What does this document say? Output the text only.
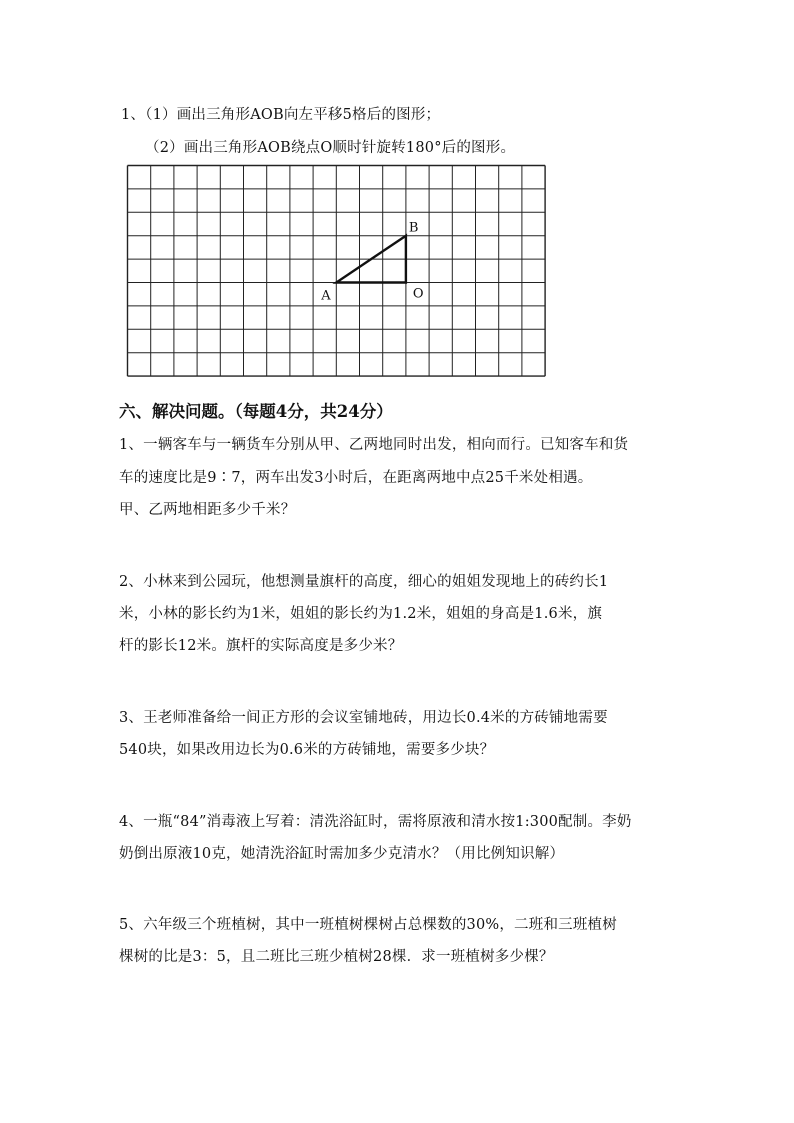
1、（1）画出三角形AOB向左平移5格后的图形；
（2）画出三角形AOB绕点O顺时针旋转180°后的图形。
A
B
O
六、解决问题。（每题4分，共24分）
1、一辆客车与一辆货车分别从甲、乙两地同时出发，相向而行。已知客车和货
车的速度比是9∶7，两车出发3小时后，在距离两地中点25千米处相遇。
甲、乙两地相距多少千米？
2、小林来到公园玩，他想测量旗杆的高度，细心的姐姐发现地上的砖约长1
米，小林的影长约为1米，姐姐的影长约为1.2米，姐姐的身高是1.6米，旗
杆的影长12米。旗杆的实际高度是多少米？
3、王老师准备给一间正方形的会议室铺地砖，用边长0.4米的方砖铺地需要
540块，如果改用边长为0.6米的方砖铺地，需要多少块？
4、一瓶“84”消毒液上写着：清洗浴缸时，需将原液和清水按1:300配制。李奶
奶倒出原液10克，她清洗浴缸时需加多少克清水？（用比例知识解）
5、六年级三个班植树，其中一班植树棵树占总棵数的30%，二班和三班植树
棵树的比是3：5，且二班比三班少植树28棵．求一班植树多少棵？
